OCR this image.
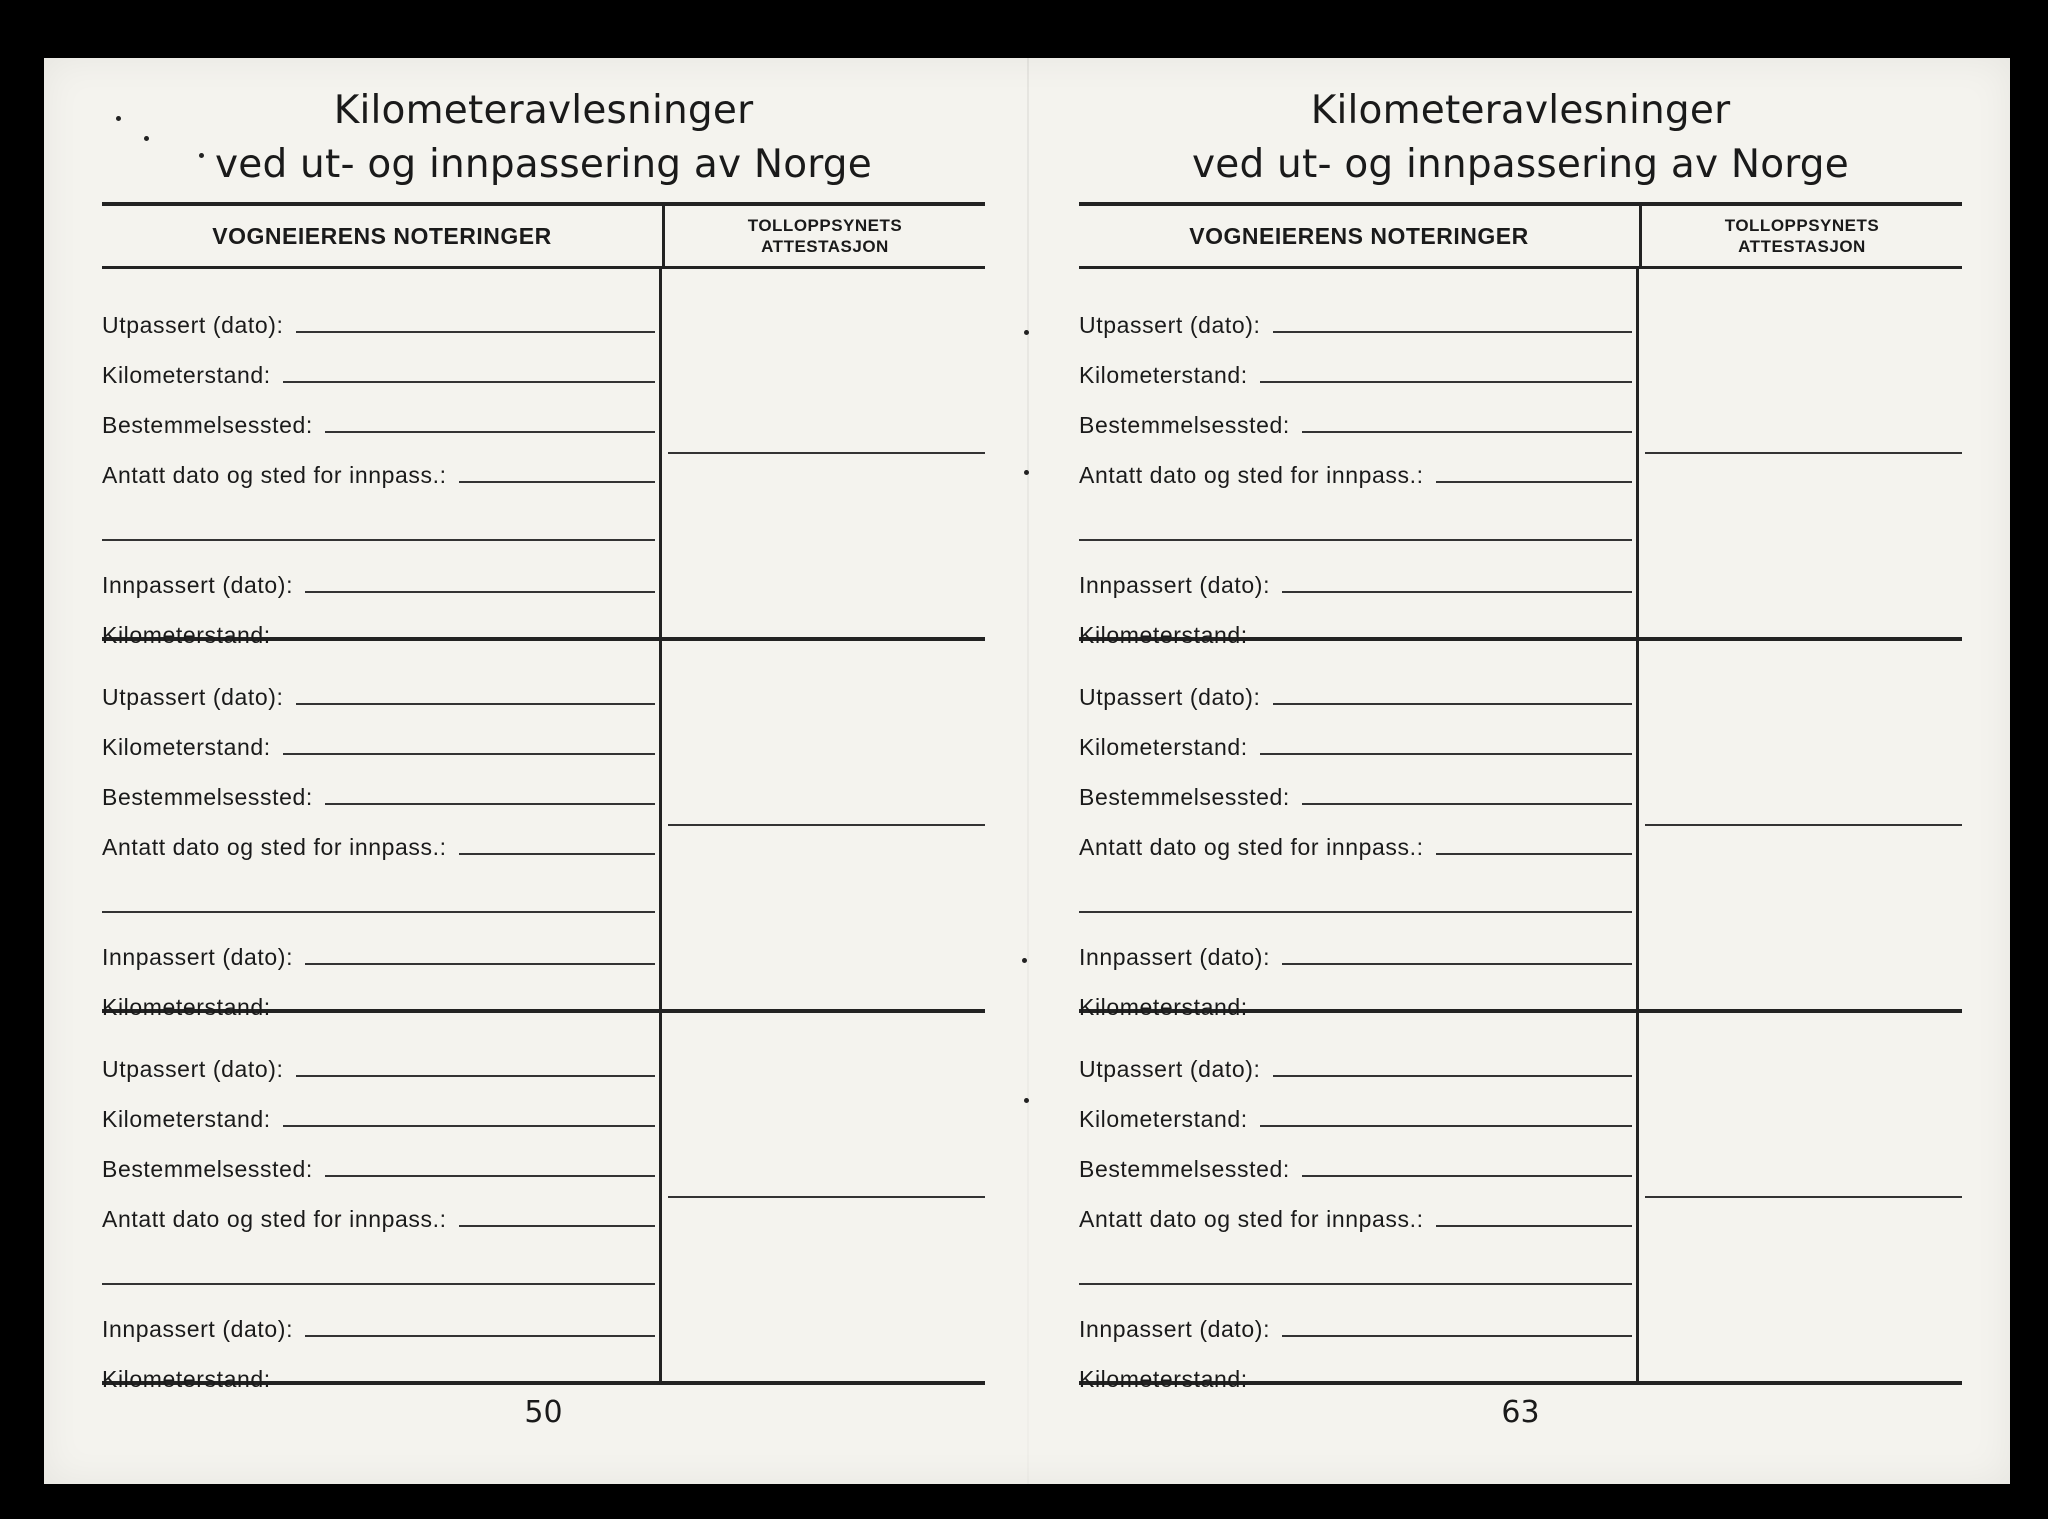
Kilometeravlesninger
ved ut- og innpassering av Norge
VOGNEIERENS NOTERINGER	TOLLOPPSYNETS
ATTESTASJON
Utpassert (dato):
Kilometerstand:
Bestemmelsessted:
Antatt dato og sted for innpass.:
Innpassert (dato):
Kilometerstand:
Utpassert (dato):
Kilometerstand:
Bestemmelsessted:
Antatt dato og sted for innpass.:
Innpassert (dato):
Kilometerstand:
Utpassert (dato):
Kilometerstand:
Bestemmelsessted:
Antatt dato og sted for innpass.:
Innpassert (dato):
Kilometerstand:
50
Kilometeravlesninger
ved ut- og innpassering av Norge
VOGNEIERENS NOTERINGER	TOLLOPPSYNETS
ATTESTASJON
Utpassert (dato):
Kilometerstand:
Bestemmelsessted:
Antatt dato og sted for innpass.:
Innpassert (dato):
Kilometerstand:
Utpassert (dato):
Kilometerstand:
Bestemmelsessted:
Antatt dato og sted for innpass.:
Innpassert (dato):
Kilometerstand:
Utpassert (dato):
Kilometerstand:
Bestemmelsessted:
Antatt dato og sted for innpass.:
Innpassert (dato):
Kilometerstand:
63
